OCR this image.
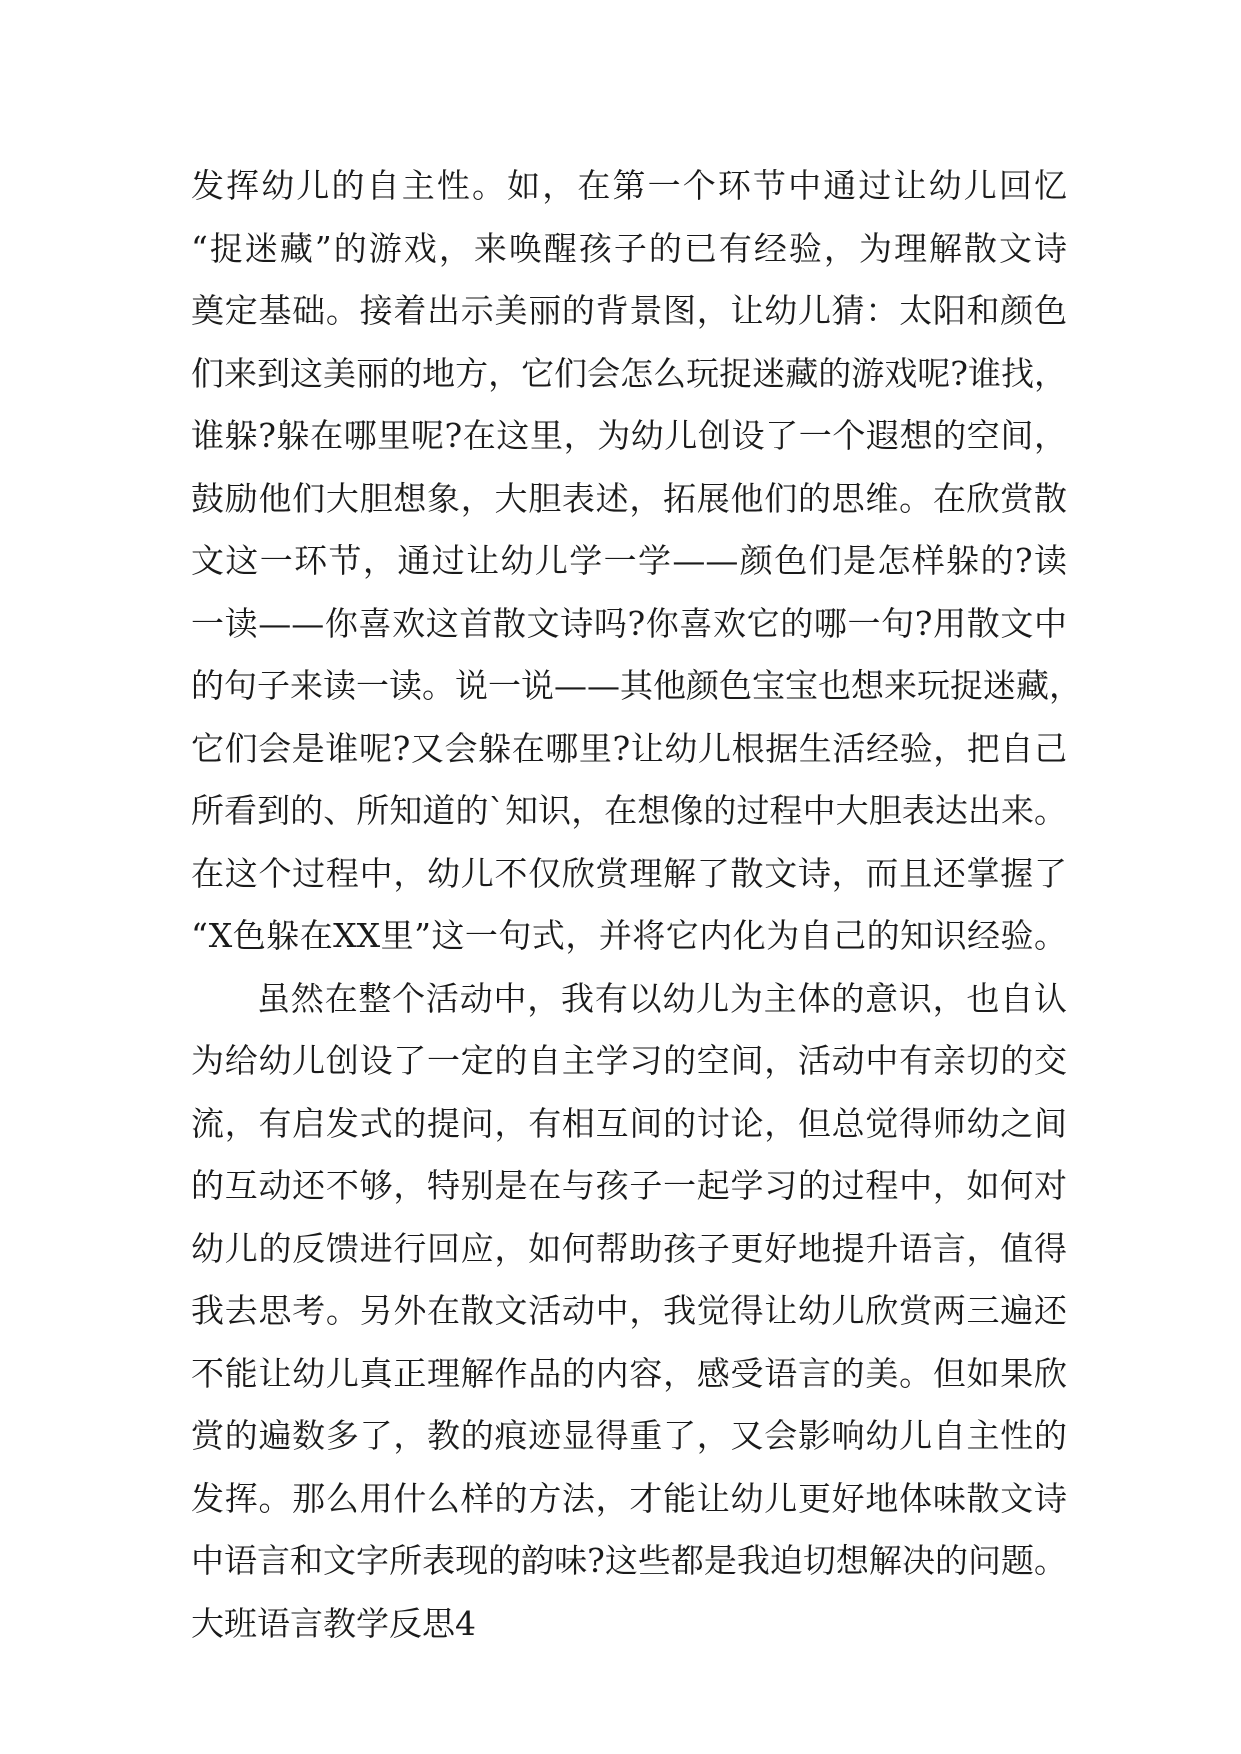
发挥幼儿的自主性。如，在第一个环节中通过让幼儿回忆
“捉迷藏”的游戏，来唤醒孩子的已有经验，为理解散文诗
奠定基础。接着出示美丽的背景图，让幼儿猜：太阳和颜色
们来到这美丽的地方，它们会怎么玩捉迷藏的游戏呢?谁找，
谁躲?躲在哪里呢?在这里，为幼儿创设了一个遐想的空间，
鼓励他们大胆想象，大胆表述，拓展他们的思维。在欣赏散
文这一环节，通过让幼儿学一学——颜色们是怎样躲的?读
一读——你喜欢这首散文诗吗?你喜欢它的哪一句?用散文中
的句子来读一读。说一说——其他颜色宝宝也想来玩捉迷藏，
它们会是谁呢?又会躲在哪里?让幼儿根据生活经验，把自己
所看到的、所知道的`知识，在想像的过程中大胆表达出来。
在这个过程中，幼儿不仅欣赏理解了散文诗，而且还掌握了
“X色躲在XX里”这一句式，并将它内化为自己的知识经验。
虽然在整个活动中，我有以幼儿为主体的意识，也自认
为给幼儿创设了一定的自主学习的空间，活动中有亲切的交
流，有启发式的提问，有相互间的讨论，但总觉得师幼之间
的互动还不够，特别是在与孩子一起学习的过程中，如何对
幼儿的反馈进行回应，如何帮助孩子更好地提升语言，值得
我去思考。另外在散文活动中，我觉得让幼儿欣赏两三遍还
不能让幼儿真正理解作品的内容，感受语言的美。但如果欣
赏的遍数多了，教的痕迹显得重了，又会影响幼儿自主性的
发挥。那么用什么样的方法，才能让幼儿更好地体味散文诗
中语言和文字所表现的韵味?这些都是我迫切想解决的问题。
大班语言教学反思4
